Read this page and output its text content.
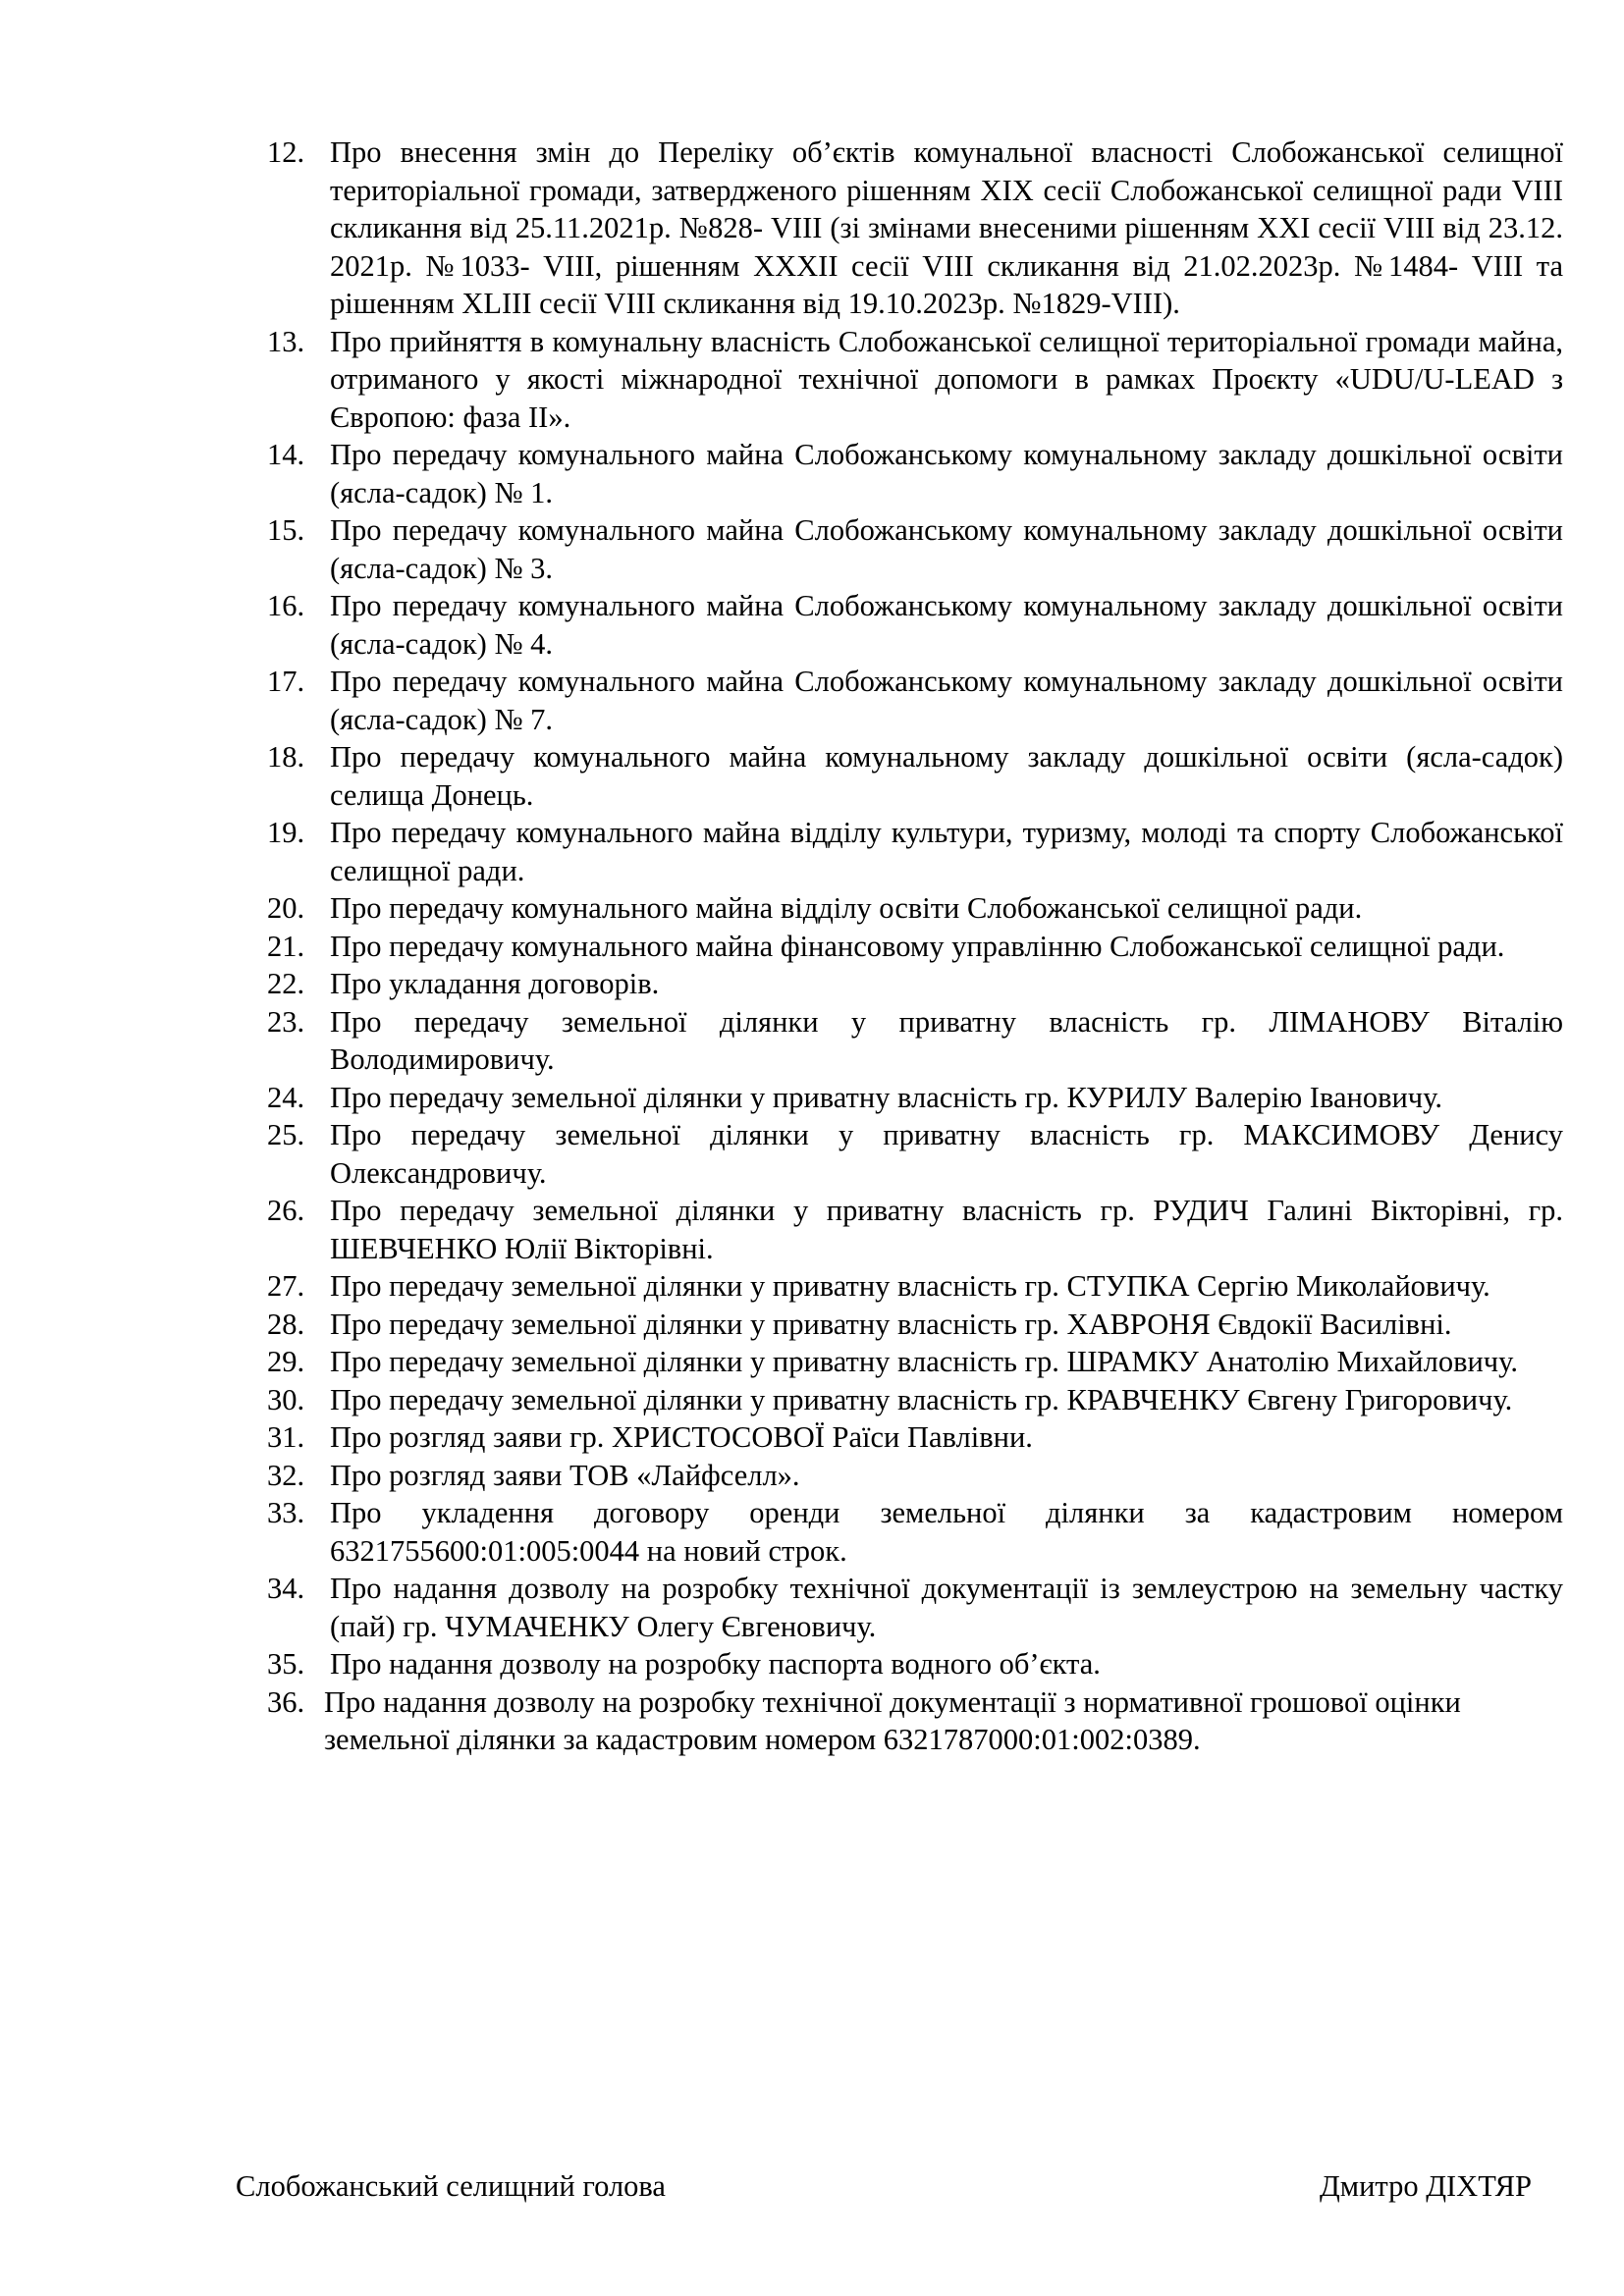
12. Про внесення змін до Переліку об’єктів комунальної власності Слобожанської селищної територіальної громади, затвердженого рішенням XIX сесії Слобожанської селищної ради VIII скликання від 25.11.2021р. №828- VIII (зі змінами внесеними рішенням XXI сесії VIII від 23.12. 2021р. №1033- VIII, рішенням XXXII сесії VIII скликання від 21.02.2023р. №1484- VIII та рішенням XLIII сесії VIII скликання від 19.10.2023р. №1829-VIII).
13. Про прийняття в комунальну власність Слобожанської селищної територіальної громади майна, отриманого у якості міжнародної технічної допомоги в рамках Проєкту «UDU/U-LEAD з Європою: фаза II».
14. Про передачу комунального майна Слобожанському комунальному закладу дошкільної освіти (ясла-садок) № 1.
15. Про передачу комунального майна Слобожанському комунальному закладу дошкільної освіти (ясла-садок) № 3.
16. Про передачу комунального майна Слобожанському комунальному закладу дошкільної освіти (ясла-садок) № 4.
17. Про передачу комунального майна Слобожанському комунальному закладу дошкільної освіти (ясла-садок) № 7.
18. Про передачу комунального майна комунальному закладу дошкільної освіти (ясла-садок) селища Донець.
19. Про передачу комунального майна відділу культури, туризму, молоді та спорту Слобожанської селищної ради.
20. Про передачу комунального майна відділу освіти Слобожанської селищної ради.
21. Про передачу комунального майна фінансовому управлінню Слобожанської селищної ради.
22. Про укладання договорів.
23. Про передачу земельної ділянки у приватну власність гр. ЛІМАНОВУ Віталію Володимировичу.
24. Про передачу земельної ділянки у приватну власність гр. КУРИЛУ Валерію Івановичу.
25. Про передачу земельної ділянки у приватну власність гр. МАКСИМОВУ Денису Олександровичу.
26. Про передачу земельної ділянки у приватну власність гр. РУДИЧ Галині Вікторівні, гр. ШЕВЧЕНКО Юлії Вікторівні.
27. Про передачу земельної ділянки у приватну власність гр. СТУПКА Сергію Миколайовичу.
28. Про передачу земельної ділянки у приватну власність гр. ХАВРОНЯ Євдокії Василівні.
29. Про передачу земельної ділянки у приватну власність гр. ШРАМКУ Анатолію Михайловичу.
30. Про передачу земельної ділянки у приватну власність гр. КРАВЧЕНКУ Євгену Григоровичу.
31. Про розгляд заяви гр. ХРИСТОСОВОЇ Раїси Павлівни.
32. Про розгляд заяви ТОВ «Лайфселл».
33. Про укладення договору оренди земельної ділянки за кадастровим номером 6321755600:01:005:0044 на новий строк.
34. Про надання дозволу на розробку технічної документації із землеустрою на земельну частку (пай) гр. ЧУМАЧЕНКУ Олегу Євгеновичу.
35. Про надання дозволу на розробку паспорта водного об’єкта.
36. Про надання дозволу на розробку технічної документації з нормативної грошової оцінки земельної ділянки за кадастровим номером 6321787000:01:002:0389.
Слобожанський селищний голова	Дмитро ДІХТЯР
